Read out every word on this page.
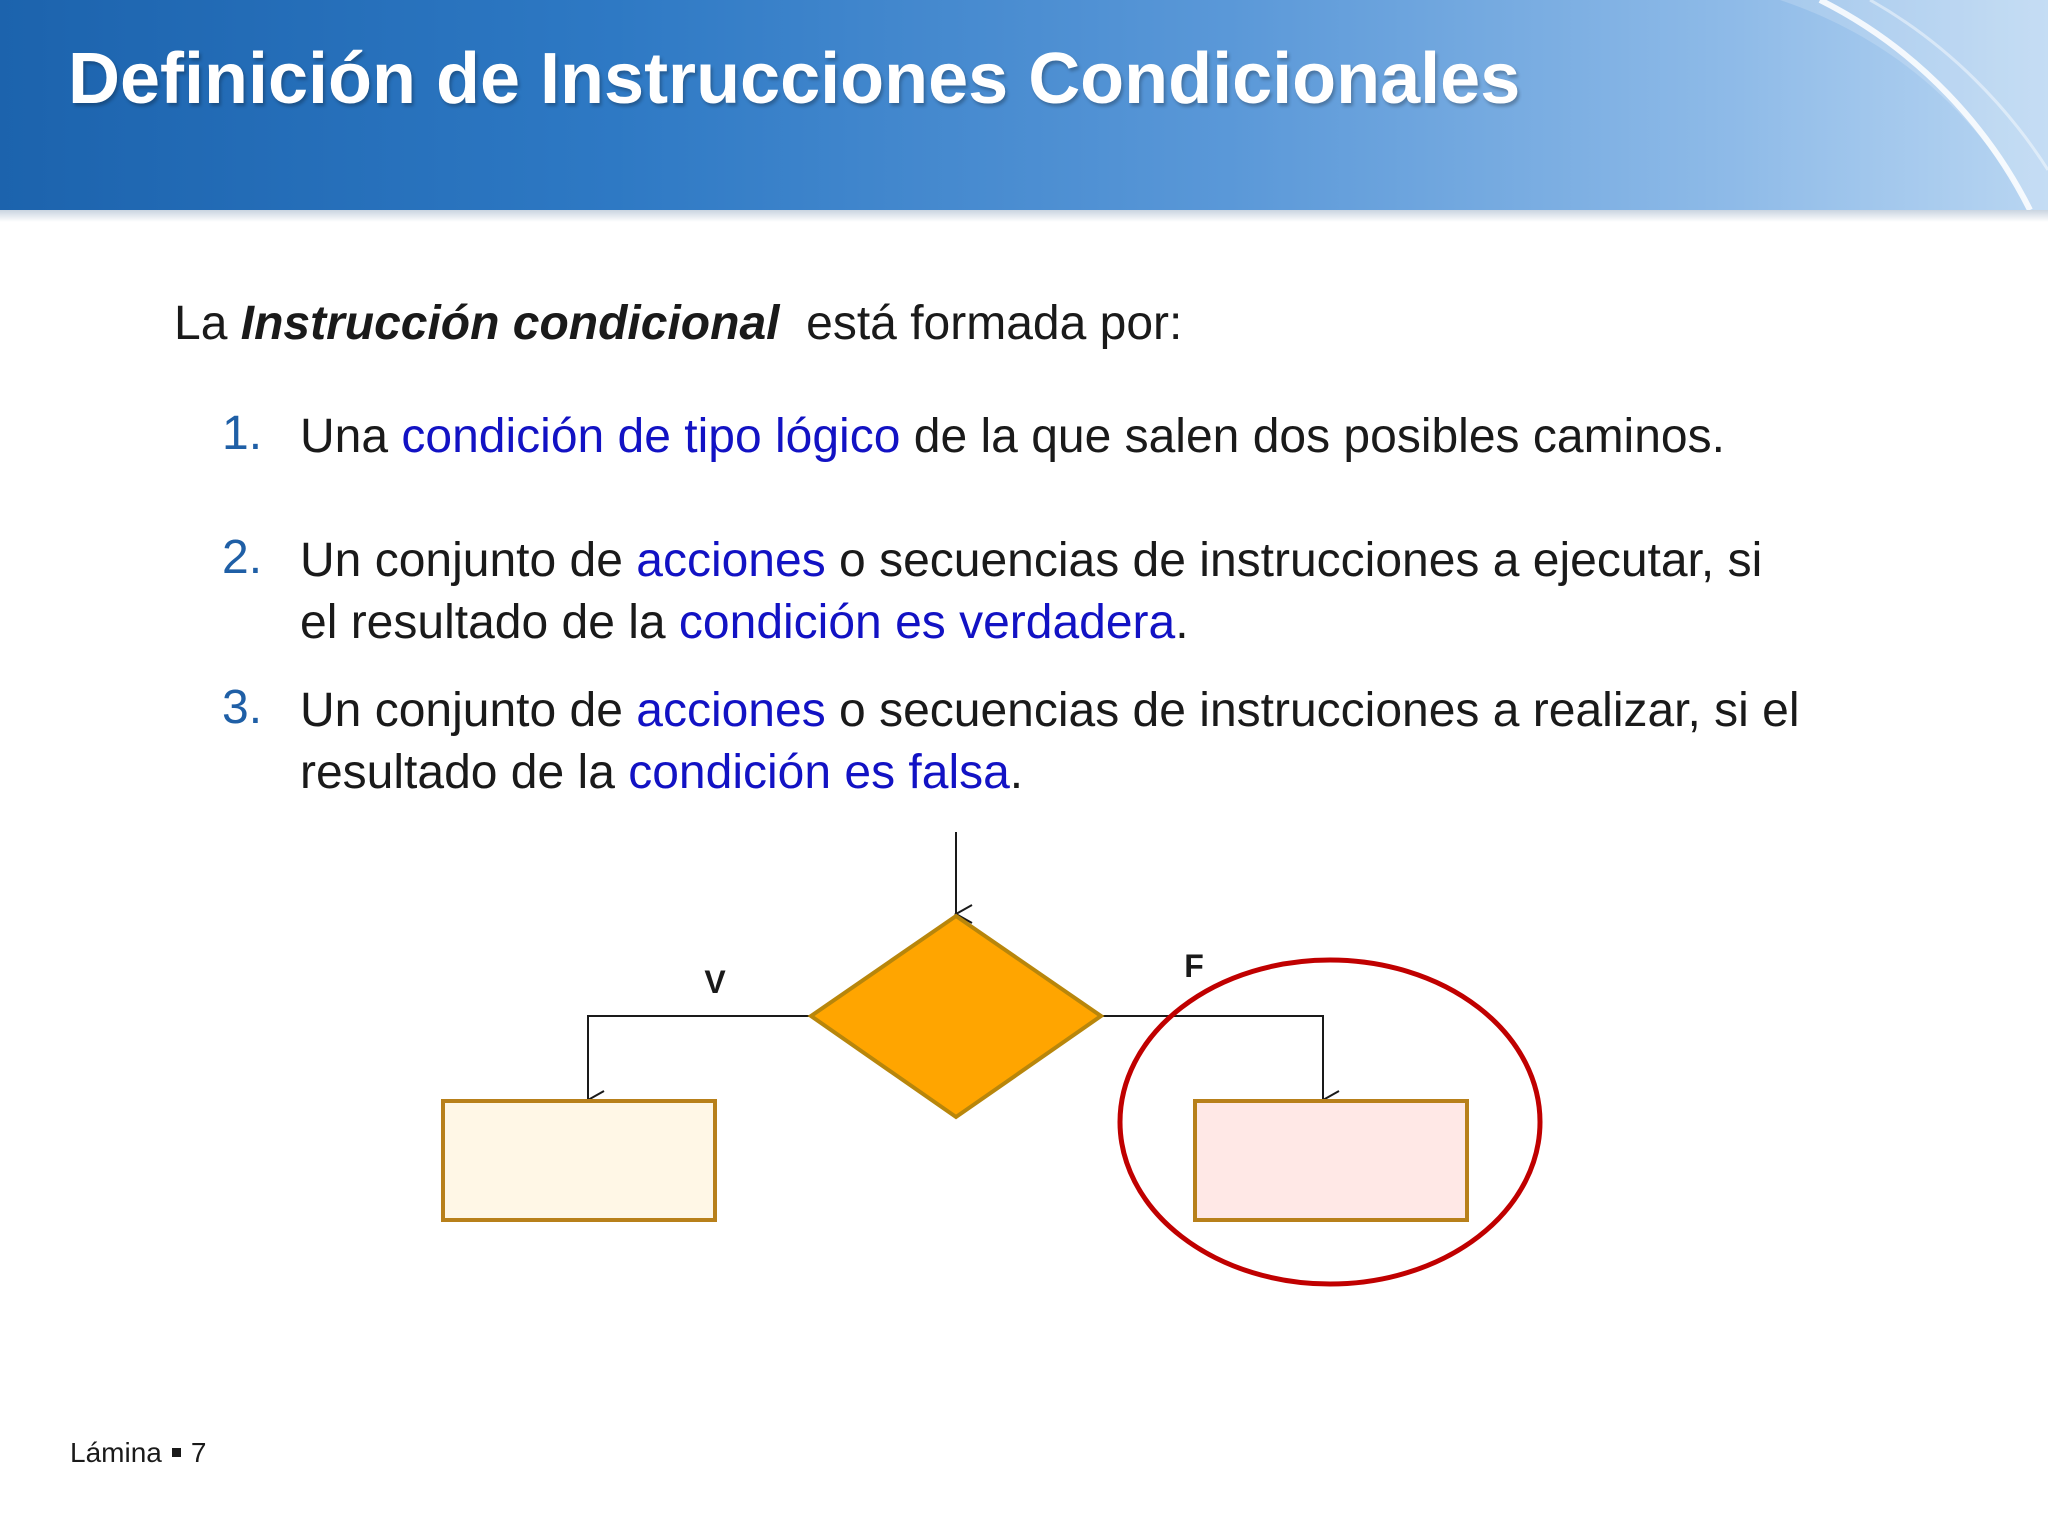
Definición de Instrucciones Condicionales

La Instrucción condicional está formada por:

1. Una condición de tipo lógico de la que salen dos posibles caminos.
2. Un conjunto de acciones o secuencias de instrucciones a ejecutar, si el resultado de la condición es verdadera.
3. Un conjunto de acciones o secuencias de instrucciones a realizar, si el resultado de la condición es falsa.
V	F
Lámina 7
